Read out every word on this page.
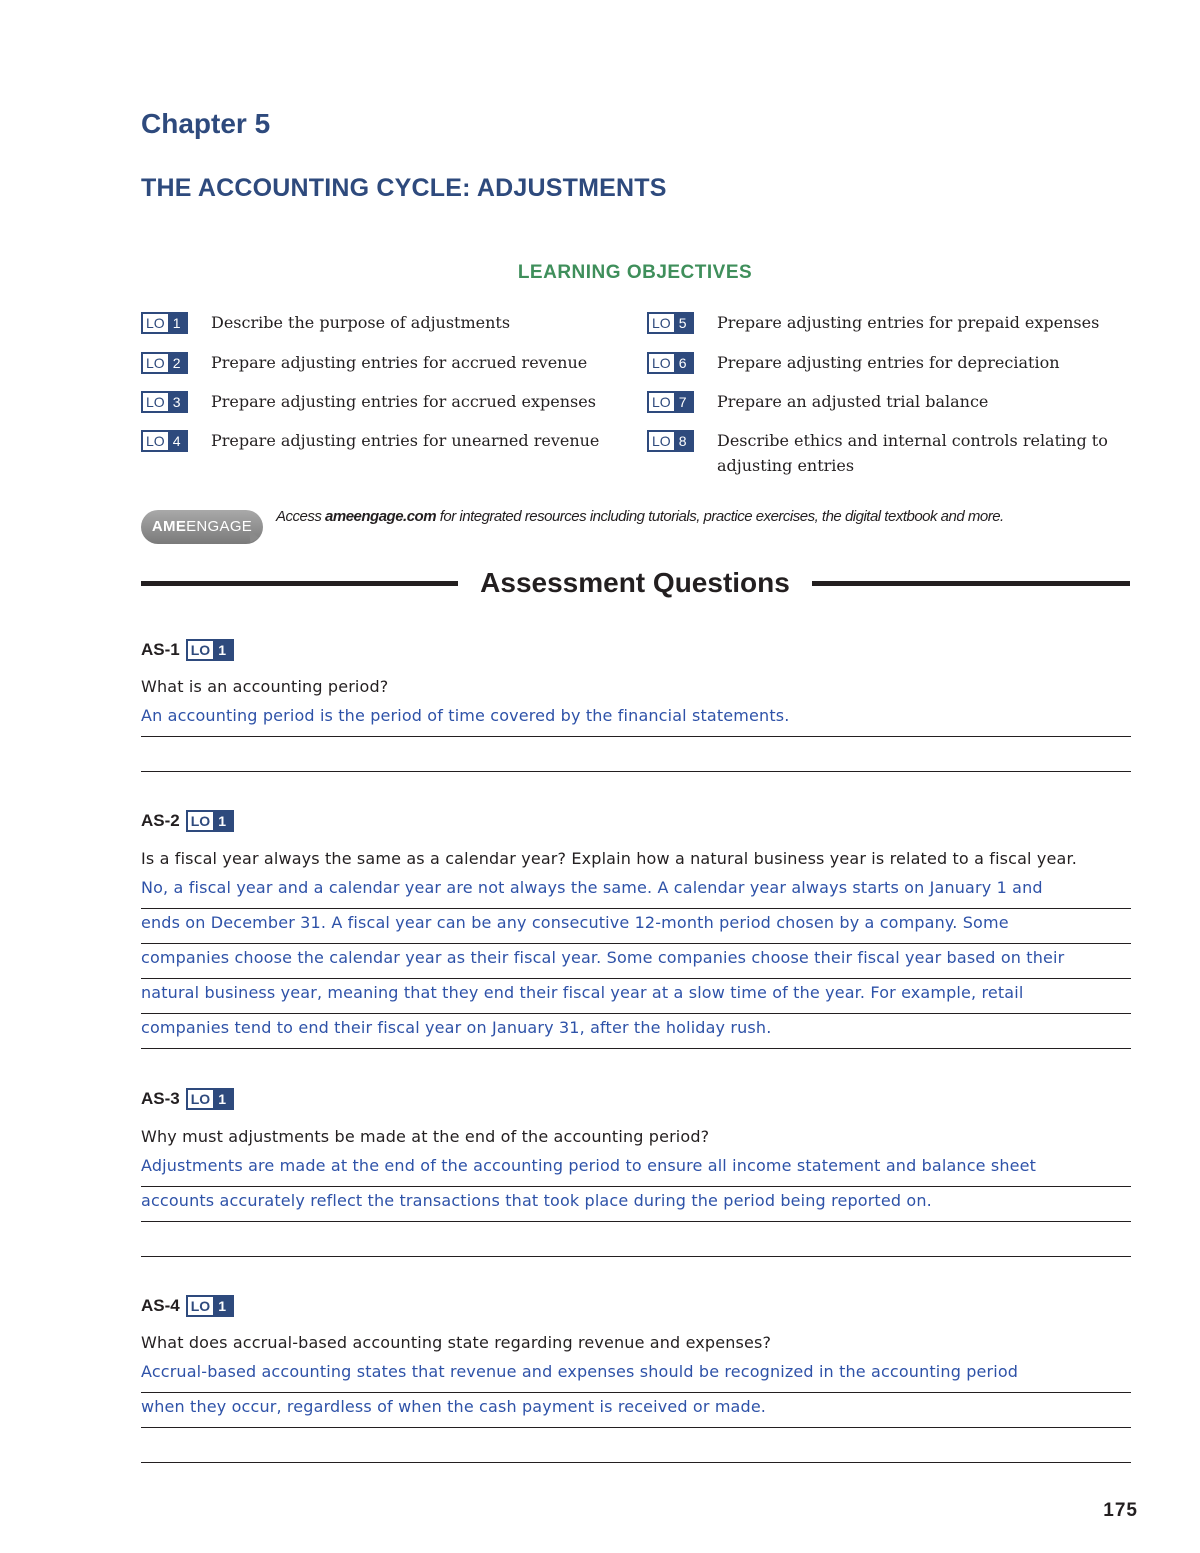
Chapter 5
THE ACCOUNTING CYCLE: ADJUSTMENTS
LEARNING OBJECTIVES
LO 1	Describe the purpose of adjustments
LO 2	Prepare adjusting entries for accrued revenue
LO 3	Prepare adjusting entries for accrued expenses
LO 4	Prepare adjusting entries for unearned revenue
LO 5	Prepare adjusting entries for prepaid expenses
LO 6	Prepare adjusting entries for depreciation
LO 7	Prepare an adjusted trial balance
LO 8	Describe ethics and internal controls relating to adjusting entries
AMEENGAGE
Access ameengage.com for integrated resources including tutorials, practice exercises, the digital textbook and more.
Assessment Questions
AS-1 LO 1
What is an accounting period?
An accounting period is the period of time covered by the financial statements.
AS-2 LO 1
Is a fiscal year always the same as a calendar year? Explain how a natural business year is related to a fiscal year.
No, a fiscal year and a calendar year are not always the same. A calendar year always starts on January 1 and
ends on December 31. A fiscal year can be any consecutive 12-month period chosen by a company. Some
companies choose the calendar year as their fiscal year. Some companies choose their fiscal year based on their
natural business year, meaning that they end their fiscal year at a slow time of the year. For example, retail
companies tend to end their fiscal year on January 31, after the holiday rush.
AS-3 LO 1
Why must adjustments be made at the end of the accounting period?
Adjustments are made at the end of the accounting period to ensure all income statement and balance sheet
accounts accurately reflect the transactions that took place during the period being reported on.
AS-4 LO 1
What does accrual-based accounting state regarding revenue and expenses?
Accrual-based accounting states that revenue and expenses should be recognized in the accounting period
when they occur, regardless of when the cash payment is received or made.
175
